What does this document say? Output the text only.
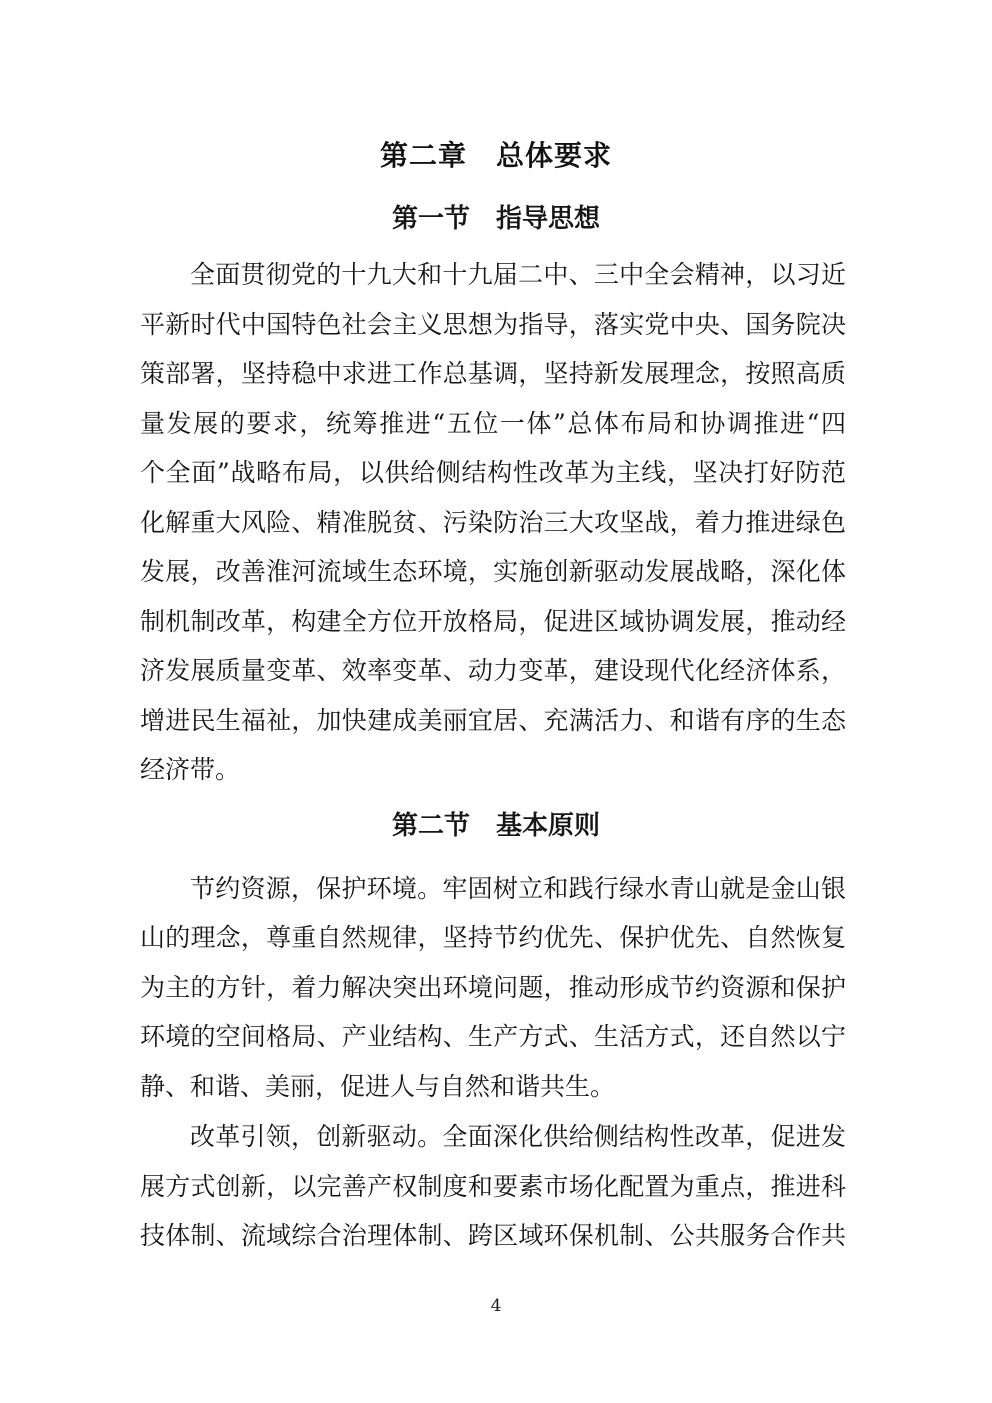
第二章　总体要求
第一节　指导思想
全面贯彻党的十九大和十九届二中、三中全会精神，以习近
平新时代中国特色社会主义思想为指导，落实党中央、国务院决
策部署，坚持稳中求进工作总基调，坚持新发展理念，按照高质
量发展的要求，统筹推进“五位一体”总体布局和协调推进“四
个全面”战略布局，以供给侧结构性改革为主线，坚决打好防范
化解重大风险、精准脱贫、污染防治三大攻坚战，着力推进绿色
发展，改善淮河流域生态环境，实施创新驱动发展战略，深化体
制机制改革，构建全方位开放格局，促进区域协调发展，推动经
济发展质量变革、效率变革、动力变革，建设现代化经济体系，
增进民生福祉，加快建成美丽宜居、充满活力、和谐有序的生态
经济带。
第二节　基本原则
节约资源，保护环境。牢固树立和践行绿水青山就是金山银
山的理念，尊重自然规律，坚持节约优先、保护优先、自然恢复
为主的方针，着力解决突出环境问题，推动形成节约资源和保护
环境的空间格局、产业结构、生产方式、生活方式，还自然以宁
静、和谐、美丽，促进人与自然和谐共生。
改革引领，创新驱动。全面深化供给侧结构性改革，促进发
展方式创新，以完善产权制度和要素市场化配置为重点，推进科
技体制、流域综合治理体制、跨区域环保机制、公共服务合作共
4
